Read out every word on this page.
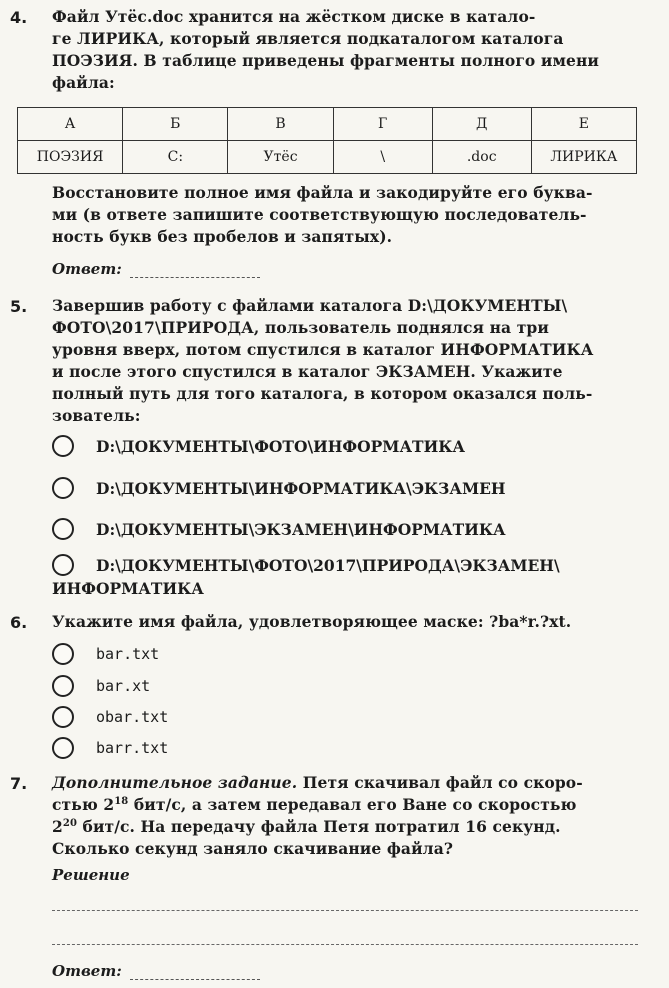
4. Файл Утёс.doc хранится на жёстком диске в катало-
ге ЛИРИКА, который является подкаталогом каталога
ПОЭЗИЯ. В таблице приведены фрагменты полного имени
файла:
А	Б	В	Г	Д	Е
ПОЭЗИЯ	C:	Утёс	\	.doc	ЛИРИКА
Восстановите полное имя файла и закодируйте его буква-
ми (в ответе запишите соответствующую последователь-
ность букв без пробелов и запятых).
Ответ:
5. Завершив работу с файлами каталога D:\ДОКУМЕНТЫ\
ФОТО\2017\ПРИРОДА, пользователь поднялся на три
уровня вверх, потом спустился в каталог ИНФОРМАТИКА
и после этого спустился в каталог ЭКЗАМЕН. Укажите
полный путь для того каталога, в котором оказался поль-
зователь:
D:\ДОКУМЕНТЫ\ФОТО\ИНФОРМАТИКА
D:\ДОКУМЕНТЫ\ИНФОРМАТИКА\ЭКЗАМЕН
D:\ДОКУМЕНТЫ\ЭКЗАМЕН\ИНФОРМАТИКА
D:\ДОКУМЕНТЫ\ФОТО\2017\ПРИРОДА\ЭКЗАМЕН\
ИНФОРМАТИКА
6. Укажите имя файла, удовлетворяющее маске: ?ba*r.?xt.
bar.txt
bar.xt
obar.txt
barr.txt
7. Дополнительное задание. Петя скачивал файл со скоро-
стью $2^{18}$ бит/с, а затем передавал его Ване со скоростью
$2^{20}$ бит/с. На передачу файла Петя потратил 16 секунд.
Сколько секунд заняло скачивание файла?
Решение
Ответ:
